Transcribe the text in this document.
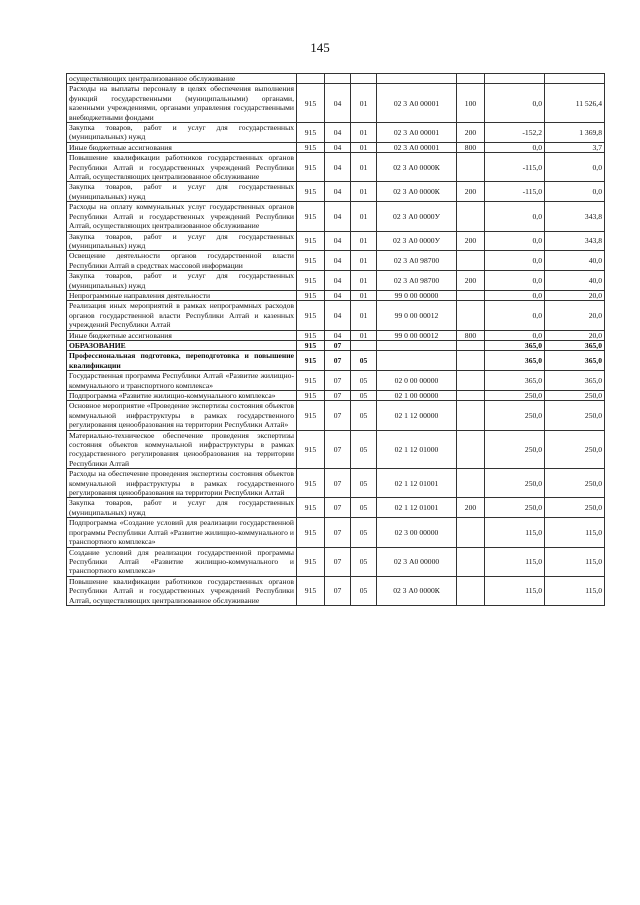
145
осуществляющих централизованное обслуживание							
Расходы на выплаты персоналу в целях обеспечения выполнения функций государственными (муниципальными) органами, казенными учреждениями, органами управления государственными внебюджетными фондами	915	04	01	02 3 А0 00001	100	0,0	11 526,4
Закупка товаров, работ и услуг для государственных (муниципальных) нужд	915	04	01	02 3 А0 00001	200	-152,2	1 369,8
Иные бюджетные ассигнования	915	04	01	02 3 А0 00001	800	0,0	3,7
Повышение квалификации работников государственных органов Республики Алтай и государственных учреждений Республики Алтай, осуществляющих централизованное обслуживание	915	04	01	02 3 А0 0000К		-115,0	0,0
Закупка товаров, работ и услуг для государственных (муниципальных) нужд	915	04	01	02 3 А0 0000К	200	-115,0	0,0
Расходы на оплату коммунальных услуг государственных органов Республики Алтай и государственных учреждений Республики Алтай, осуществляющих централизованное обслуживание	915	04	01	02 3 А0 0000У		0,0	343,8
Закупка товаров, работ и услуг для государственных (муниципальных) нужд	915	04	01	02 3 А0 0000У	200	0,0	343,8
Освещение деятельности органов государственной власти Республики Алтай в средствах массовой информации	915	04	01	02 3 А0 98700		0,0	40,0
Закупка товаров, работ и услуг для государственных (муниципальных) нужд	915	04	01	02 3 А0 98700	200	0,0	40,0
Непрограммные направления деятельности	915	04	01	99 0 00 00000		0,0	20,0
Реализация иных мероприятий в рамках непрограммных расходов органов государственной власти Республики Алтай и казенных учреждений Республики Алтай	915	04	01	99 0 00 00012		0,0	20,0
Иные бюджетные ассигнования	915	04	01	99 0 00 00012	800	0,0	20,0
ОБРАЗОВАНИЕ	915	07				365,0	365,0
Профессиональная подготовка, переподготовка и повышение квалификации	915	07	05			365,0	365,0
Государственная программа Республики Алтай «Развитие жилищно-коммунального и транспортного комплекса»	915	07	05	02 0 00 00000		365,0	365,0
Подпрограмма «Развитие жилищно-коммунального комплекса»	915	07	05	02 1 00 00000		250,0	250,0
Основное мероприятие «Проведение экспертизы состояния объектов коммунальной инфраструктуры в рамках государственного регулирования ценообразования на территории Республики Алтай»	915	07	05	02 1 12 00000		250,0	250,0
Материально-техническое обеспечение проведения экспертизы состояния объектов коммунальной инфраструктуры в рамках государственного регулирования ценообразования на территории Республики Алтай	915	07	05	02 1 12 01000		250,0	250,0
Расходы на обеспечение проведения экспертизы состояния объектов коммунальной инфраструктуры в рамках государственного регулирования ценообразования на территории Республики Алтай	915	07	05	02 1 12 01001		250,0	250,0
Закупка товаров, работ и услуг для государственных (муниципальных) нужд	915	07	05	02 1 12 01001	200	250,0	250,0
Подпрограмма «Создание условий для реализации государственной программы Республики Алтай «Развитие жилищно-коммунального и транспортного комплекса»	915	07	05	02 3 00 00000		115,0	115,0
Создание условий для реализации государственной программы Республики Алтай «Развитие жилищно-коммунального и транспортного комплекса»	915	07	05	02 3 А0 00000		115,0	115,0
Повышение квалификации работников государственных органов Республики Алтай и государственных учреждений Республики Алтай, осуществляющих централизованное обслуживание	915	07	05	02 3 А0 0000К		115,0	115,0
